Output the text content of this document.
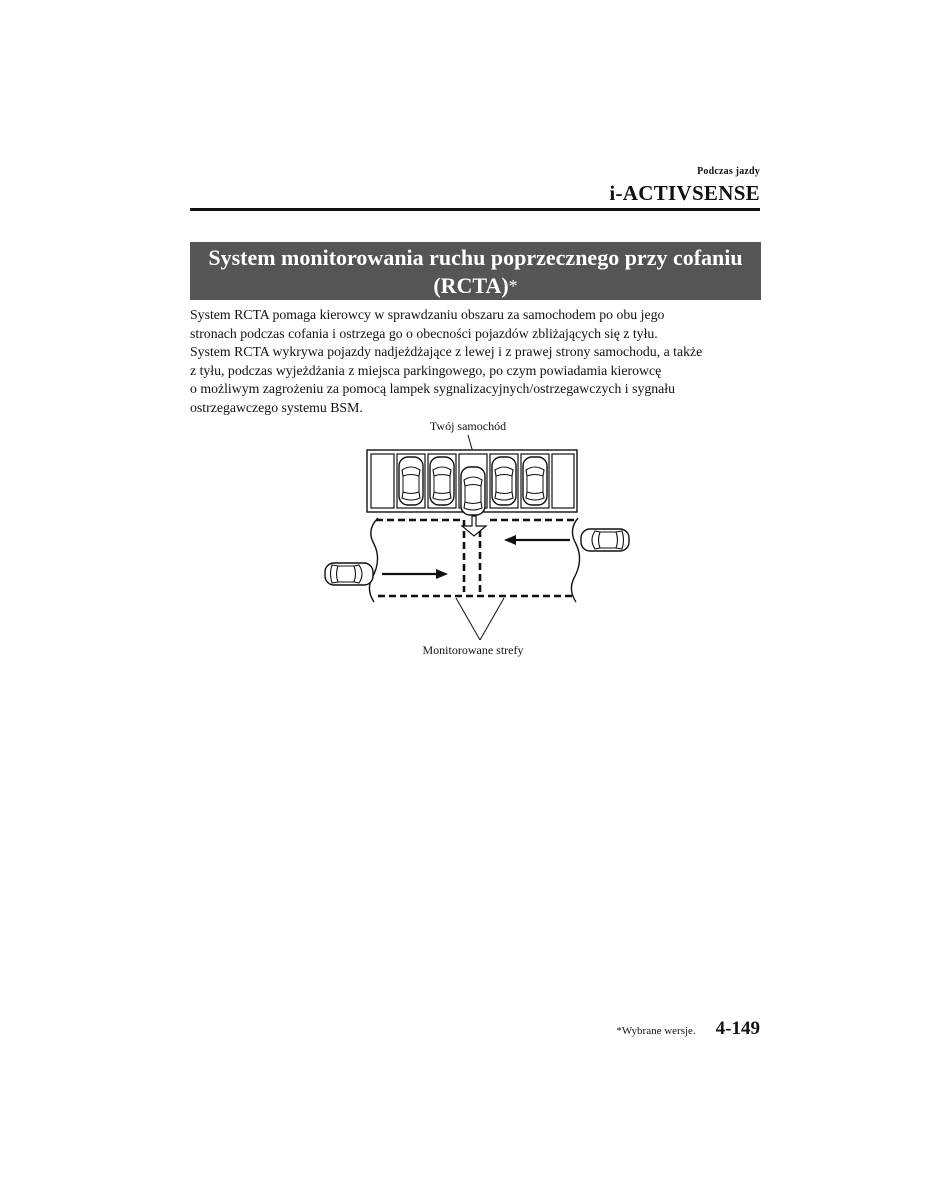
Podczas jazdy
i-ACTIVSENSE
System monitorowania ruchu poprzecznego przy cofaniu
(RCTA)*

System RCTA pomaga kierowcy w sprawdzaniu obszaru za samochodem po obu jego

stronach podczas cofania i ostrzega go o obecności pojazdów zbliżających się z tyłu.

System RCTA wykrywa pojazdy nadjeżdżające z lewej i z prawej strony samochodu, a także

z tyłu, podczas wyjeżdżania z miejsca parkingowego, po czym powiadamia kierowcę

o możliwym zagrożeniu za pomocą lampek sygnalizacyjnych/ostrzegawczych i sygnału

ostrzegawczego systemu BSM.

Twój samochód
Monitorowane strefy
*Wybrane wersje. 4-149
